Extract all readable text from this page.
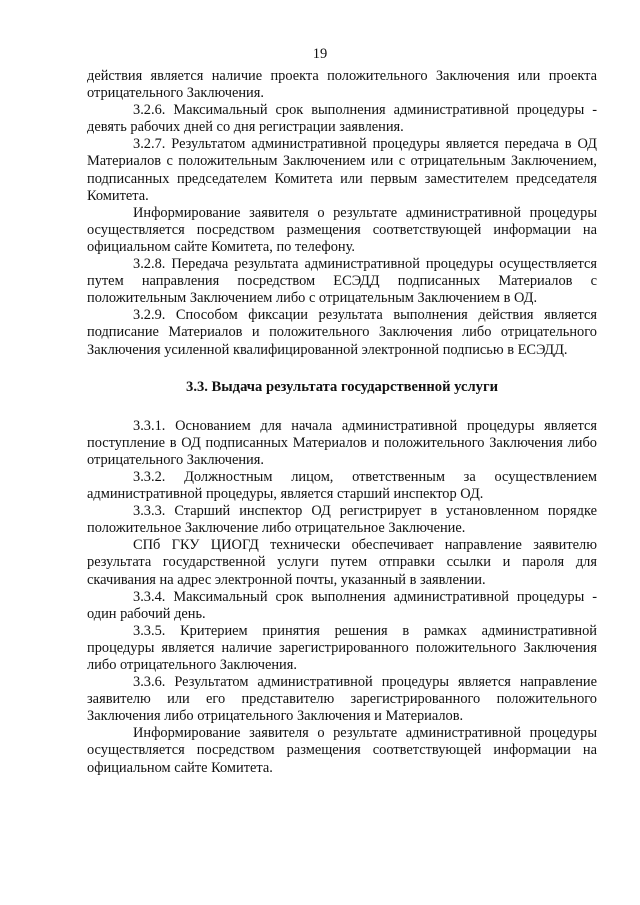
19

действия является наличие проекта положительного Заключения или проекта отрицательного Заключения.

3.2.6. Максимальный срок выполнения административной процедуры - девять рабочих дней со дня регистрации заявления.

3.2.7. Результатом административной процедуры является передача в ОД Материалов с положительным Заключением или с отрицательным Заключением, подписанных председателем Комитета или первым заместителем председателя Комитета.

Информирование заявителя о результате административной процедуры осуществляется посредством размещения соответствующей информации на официальном сайте Комитета, по телефону.

3.2.8. Передача результата административной процедуры осуществляется путем направления посредством ЕСЭДД подписанных Материалов с положительным Заключением либо с отрицательным Заключением в ОД.

3.2.9. Способом фиксации результата выполнения действия является подписание Материалов и положительного Заключения либо отрицательного Заключения усиленной квалифицированной электронной подписью в ЕСЭДД.

3.3. Выдача результата государственной услуги

3.3.1. Основанием для начала административной процедуры является поступление в ОД подписанных Материалов и положительного Заключения либо отрицательного Заключения.

3.3.2. Должностным лицом, ответственным за осуществлением административной процедуры, является старший инспектор ОД.

3.3.3. Старший инспектор ОД регистрирует в установленном порядке положительное Заключение либо отрицательное Заключение.

СПб ГКУ ЦИОГД технически обеспечивает направление заявителю результата государственной услуги путем отправки ссылки и пароля для скачивания на адрес электронной почты, указанный в заявлении.

3.3.4. Максимальный срок выполнения административной процедуры - один рабочий день.

3.3.5. Критерием принятия решения в рамках административной процедуры является наличие зарегистрированного положительного Заключения либо отрицательного Заключения.

3.3.6. Результатом административной процедуры является направление заявителю или его представителю зарегистрированного положительного Заключения либо отрицательного Заключения и Материалов.

Информирование заявителя о результате административной процедуры осуществляется посредством размещения соответствующей информации на официальном сайте Комитета.
